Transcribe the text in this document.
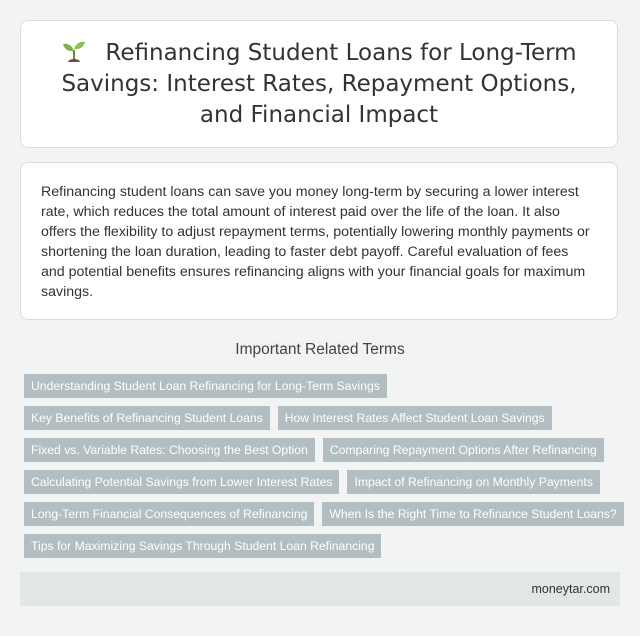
Refinancing Student Loans for Long-Term Savings: Interest Rates, Repayment Options, and Financial Impact

Refinancing student loans can save you money long-term by securing a lower interest rate, which reduces the total amount of interest paid over the life of the loan. It also offers the flexibility to adjust repayment terms, potentially lowering monthly payments or shortening the loan duration, leading to faster debt payoff. Careful evaluation of fees and potential benefits ensures refinancing aligns with your financial goals for maximum savings.

Important Related Terms
Understanding Student Loan Refinancing for Long-Term Savings
Key Benefits of Refinancing Student Loans	How Interest Rates Affect Student Loan Savings
Fixed vs. Variable Rates: Choosing the Best Option	Comparing Repayment Options After Refinancing
Calculating Potential Savings from Lower Interest Rates	Impact of Refinancing on Monthly Payments
Long-Term Financial Consequences of Refinancing	When Is the Right Time to Refinance Student Loans?
Tips for Maximizing Savings Through Student Loan Refinancing
moneytar.com
